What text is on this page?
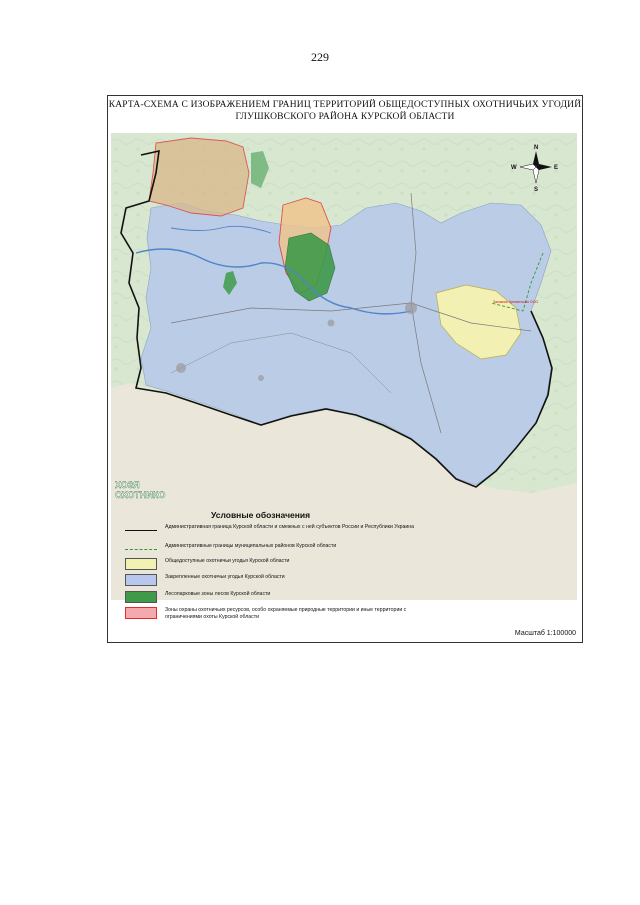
229
КАРТА-СХЕМА С ИЗОБРАЖЕНИЕМ ГРАНИЦ ТЕРРИТОРИЙ ОБЩЕДОСТУПНЫХ ОХОТНИЧЬИХ УГОДИЙ
ГЛУШКОВСКОГО РАЙОНА КУРСКОЙ ОБЛАСТИ
Заказник Кременская ООО
N
S
W	E
ХОЗЯ
ОХОТНИКО
Условные обозначения
Административная граница Курской области и смежных с ней субъектов России и Республики Украина
Административные границы муниципальных районов Курской области
Общедоступные охотничьи угодья Курской области
Закрепленные охотничьи угодья Курской области
Лесопарковые зоны лесов Курской области
Зоны охраны охотничьих ресурсов, особо охраняемые природные территории и иные территории с ограничениями охоты Курской области
Масштаб 1:100000
